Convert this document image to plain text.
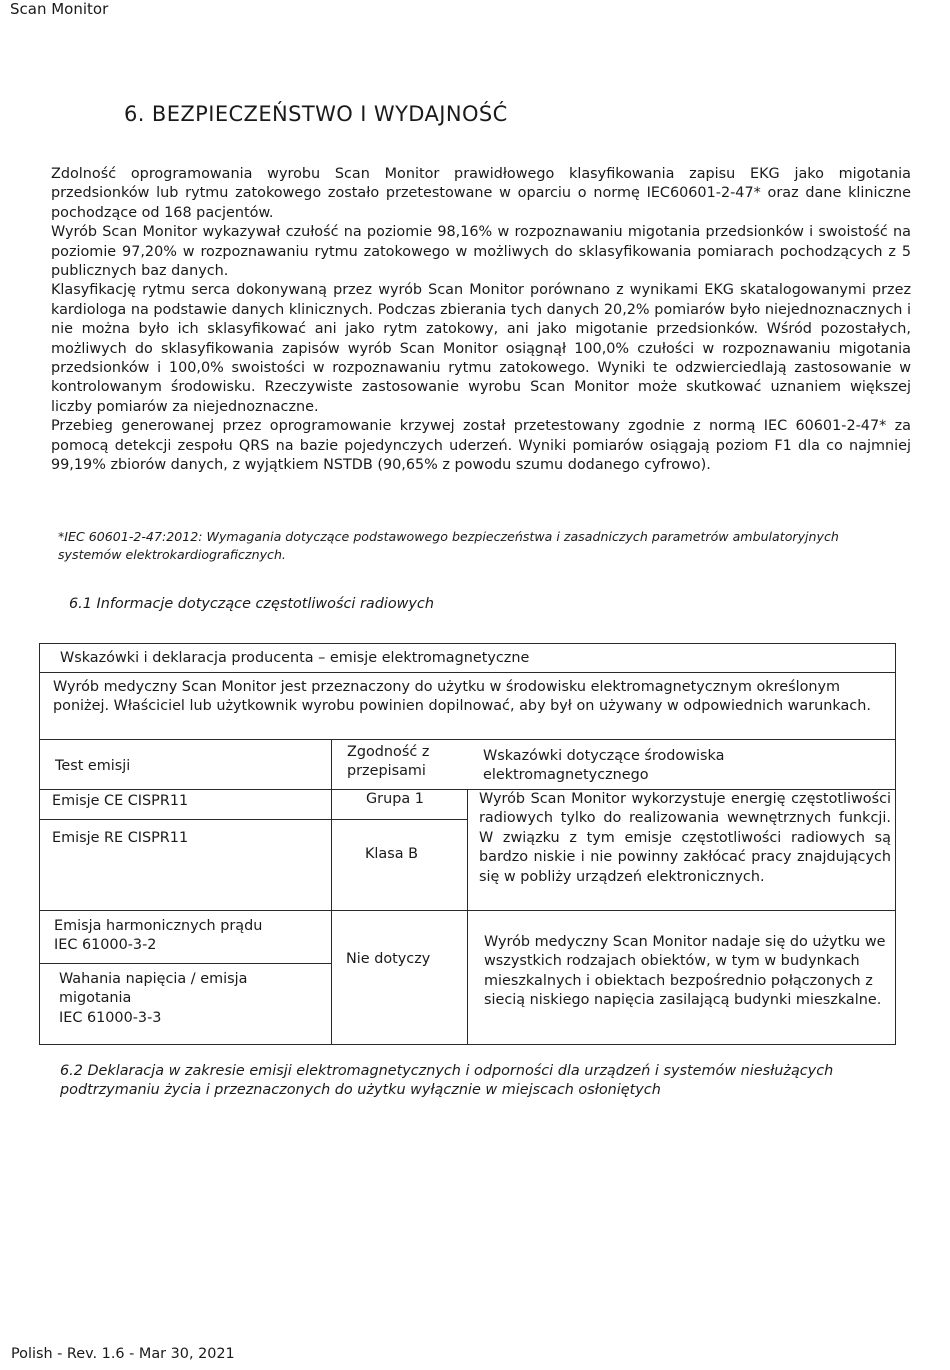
Scan Monitor
6. BEZPIECZEŃSTWO I WYDAJNOŚĆ

Zdolność oprogramowania wyrobu Scan Monitor prawidłowego klasyfikowania zapisu EKG jako migotania przedsionków lub rytmu zatokowego zostało przetestowane w oparciu o normę IEC60601-2-47* oraz dane kliniczne pochodzące od 168 pacjentów.

Wyrób Scan Monitor wykazywał czułość na poziomie 98,16% w rozpoznawaniu migotania przedsionków i swoistość na poziomie 97,20% w rozpoznawaniu rytmu zatokowego w możliwych do sklasyfikowania pomiarach pochodzących z 5 publicznych baz danych.

Klasyfikację rytmu serca dokonywaną przez wyrób Scan Monitor porównano z wynikami EKG skatalogowanymi przez kardiologa na podstawie danych klinicznych. Podczas zbierania tych danych 20,2% pomiarów było niejednoznacznych i nie można było ich sklasyfikować ani jako rytm zatokowy, ani jako migotanie przedsionków. Wśród pozostałych, możliwych do sklasyfikowania zapisów wyrób Scan Monitor osiągnął 100,0% czułości w rozpoznawaniu migotania przedsionków i 100,0% swoistości w rozpoznawaniu rytmu zatokowego. Wyniki te odzwierciedlają zastosowanie w kontrolowanym środowisku. Rzeczywiste zastosowanie wyrobu Scan Monitor może skutkować uznaniem większej liczby pomiarów za niejednoznaczne.

Przebieg generowanej przez oprogramowanie krzywej został przetestowany zgodnie z normą IEC 60601-2-47* za pomocą detekcji zespołu QRS na bazie pojedynczych uderzeń. Wyniki pomiarów osiągają poziom F1 dla co najmniej 99,19% zbiorów danych, z wyjątkiem NSTDB (90,65% z powodu szumu dodanego cyfrowo).

*IEC 60601-2-47:2012: Wymagania dotyczące podstawowego bezpieczeństwa i zasadniczych parametrów ambulatoryjnych systemów elektrokardiograficznych.
6.1 Informacje dotyczące częstotliwości radiowych
Wskazówki i deklaracja producenta – emisje elektromagnetyczne
Wyrób medyczny Scan Monitor jest przeznaczony do użytku w środowisku elektromagnetycznym określonym poniżej. Właściciel lub użytkownik wyrobu powinien dopilnować, aby był on używany w odpowiednich warunkach.
Test emisji
Zgodność z przepisami
Wskazówki dotyczące środowiska elektromagnetycznego
Emisje CE CISPR11	Grupa 1
Emisje RE CISPR11
Klasa B
Wyrób Scan Monitor wykorzystuje energię częstotliwości radiowych tylko do realizowania wewnętrznych funkcji. W związku z tym emisje częstotliwości radiowych są bardzo niskie i nie powinny zakłócać pracy znajdujących się w pobliży urządzeń elektronicznych.
Emisja harmonicznych prądu
IEC 61000-3-2
Wahania napięcia / emisja
migotania
IEC 61000-3-3
Nie dotyczy
Wyrób medyczny Scan Monitor nadaje się do użytku we wszystkich rodzajach obiektów, w tym w budynkach mieszkalnych i obiektach bezpośrednio połączonych z siecią niskiego napięcia zasilającą budynki mieszkalne.
6.2 Deklaracja w zakresie emisji elektromagnetycznych i odporności dla urządzeń i systemów niesłużących podtrzymaniu życia i przeznaczonych do użytku wyłącznie w miejscach osłoniętych
Polish - Rev. 1.6 - Mar 30, 2021
